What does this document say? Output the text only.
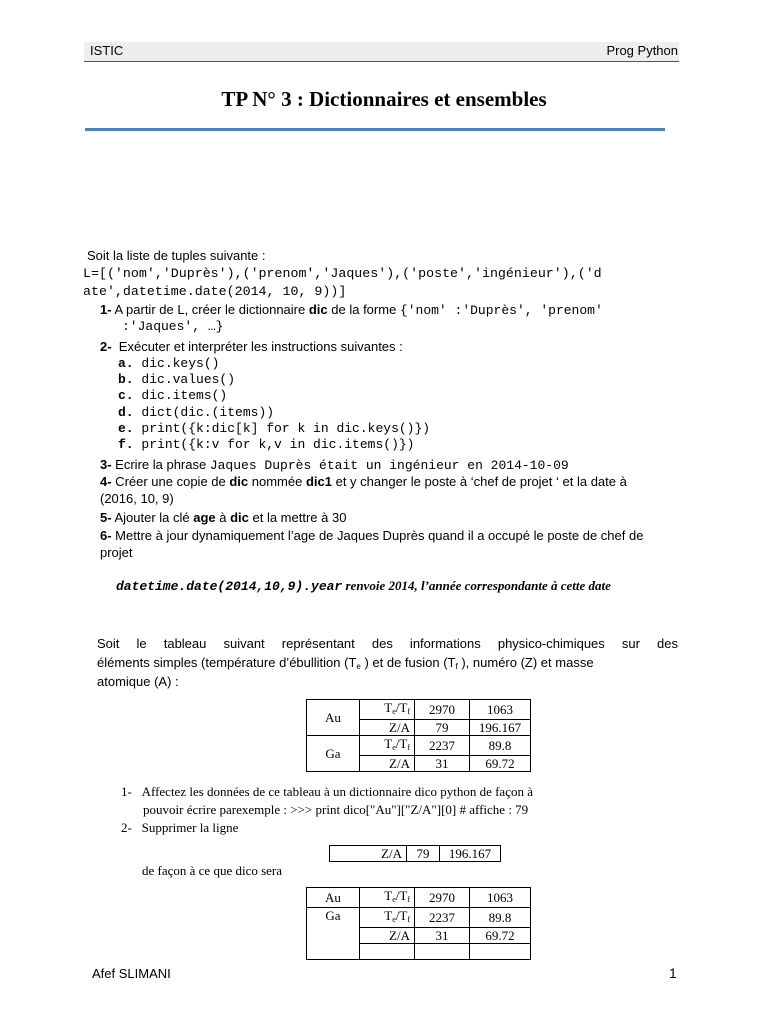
ISTIC	Prog Python
TP N° 3 : Dictionnaires et ensembles
Soit la liste de tuples suivante :
L=[('nom','Duprès'),('prenom','Jaques'),('poste','ingénieur'),('d
ate',datetime.date(2014, 10, 9))]
1- A partir de L, créer le dictionnaire dic de la forme {'nom' :'Duprès', 'prenom'
:'Jaques', …}
2- Exécuter et interpréter les instructions suivantes :
a. dic.keys()
b. dic.values()
c. dic.items()
d. dict(dic.(items))
e. print({k:dic[k] for k in dic.keys()})
f. print({k:v for k,v in dic.items()})
3- Ecrire la phrase Jaques Duprès était un ingénieur en 2014-10-09
4- Créer une copie de dic nommée dic1 et y changer le poste à ‘chef de projet ‘ et la date à
(2016, 10, 9)
5- Ajouter la clé age à dic et la mettre à 30
6- Mettre à jour dynamiquement l’age de Jaques Duprès quand il a occupé le poste de chef de
projet
datetime.date(2014,10,9).year renvoie 2014, l’année correspondante à cette date
Soit le tableau suivant représentant des informations physico-chimiques sur des
éléments simples (température d’ébullition ($T_e$ ) et de fusion ($T_f$ ), numéro (Z) et masse
atomique (A) :
Au	$T_e/T_f$	2970	1063
	Z/A	79	196.167
Ga	$T_e/T_f$	2237	89.8
	Z/A	31	69.72
1- Affectez les données de ce tableau à un dictionnaire dico python de façon à
pouvoir écrire parexemple : >>> print dico["Au"]["Z/A"][0] # affiche : 79
2- Supprimer la ligne
Z/A	79	196.167
de façon à ce que dico sera
Au	$T_e/T_f$	2970	1063
Ga	$T_e/T_f$	2237	89.8
	Z/A	31	69.72

Afef SLIMANI	1
